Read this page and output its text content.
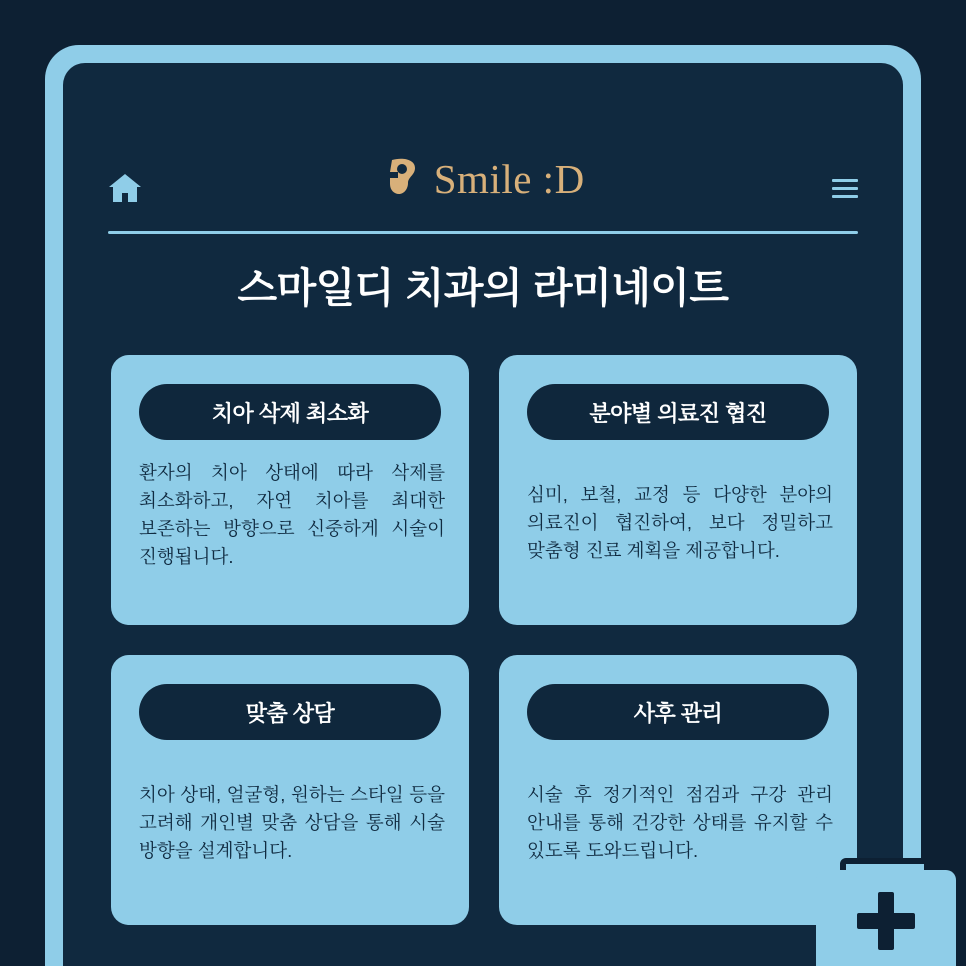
Smile :D
스마일디 치과의 라미네이트
치아 삭제 최소화
환자의 치아 상태에 따라 삭제를 최소화하고, 자연 치아를 최대한 보존하는 방향으로 신중하게 시술이 진행됩니다.
분야별 의료진 협진
심미, 보철, 교정 등 다양한 분야의 의료진이 협진하여, 보다 정밀하고 맞춤형 진료 계획을 제공합니다.
맞춤 상담
치아 상태, 얼굴형, 원하는 스타일 등을 고려해 개인별 맞춤 상담을 통해 시술 방향을 설계합니다.
사후 관리
시술 후 정기적인 점검과 구강 관리 안내를 통해 건강한 상태를 유지할 수 있도록 도와드립니다.
